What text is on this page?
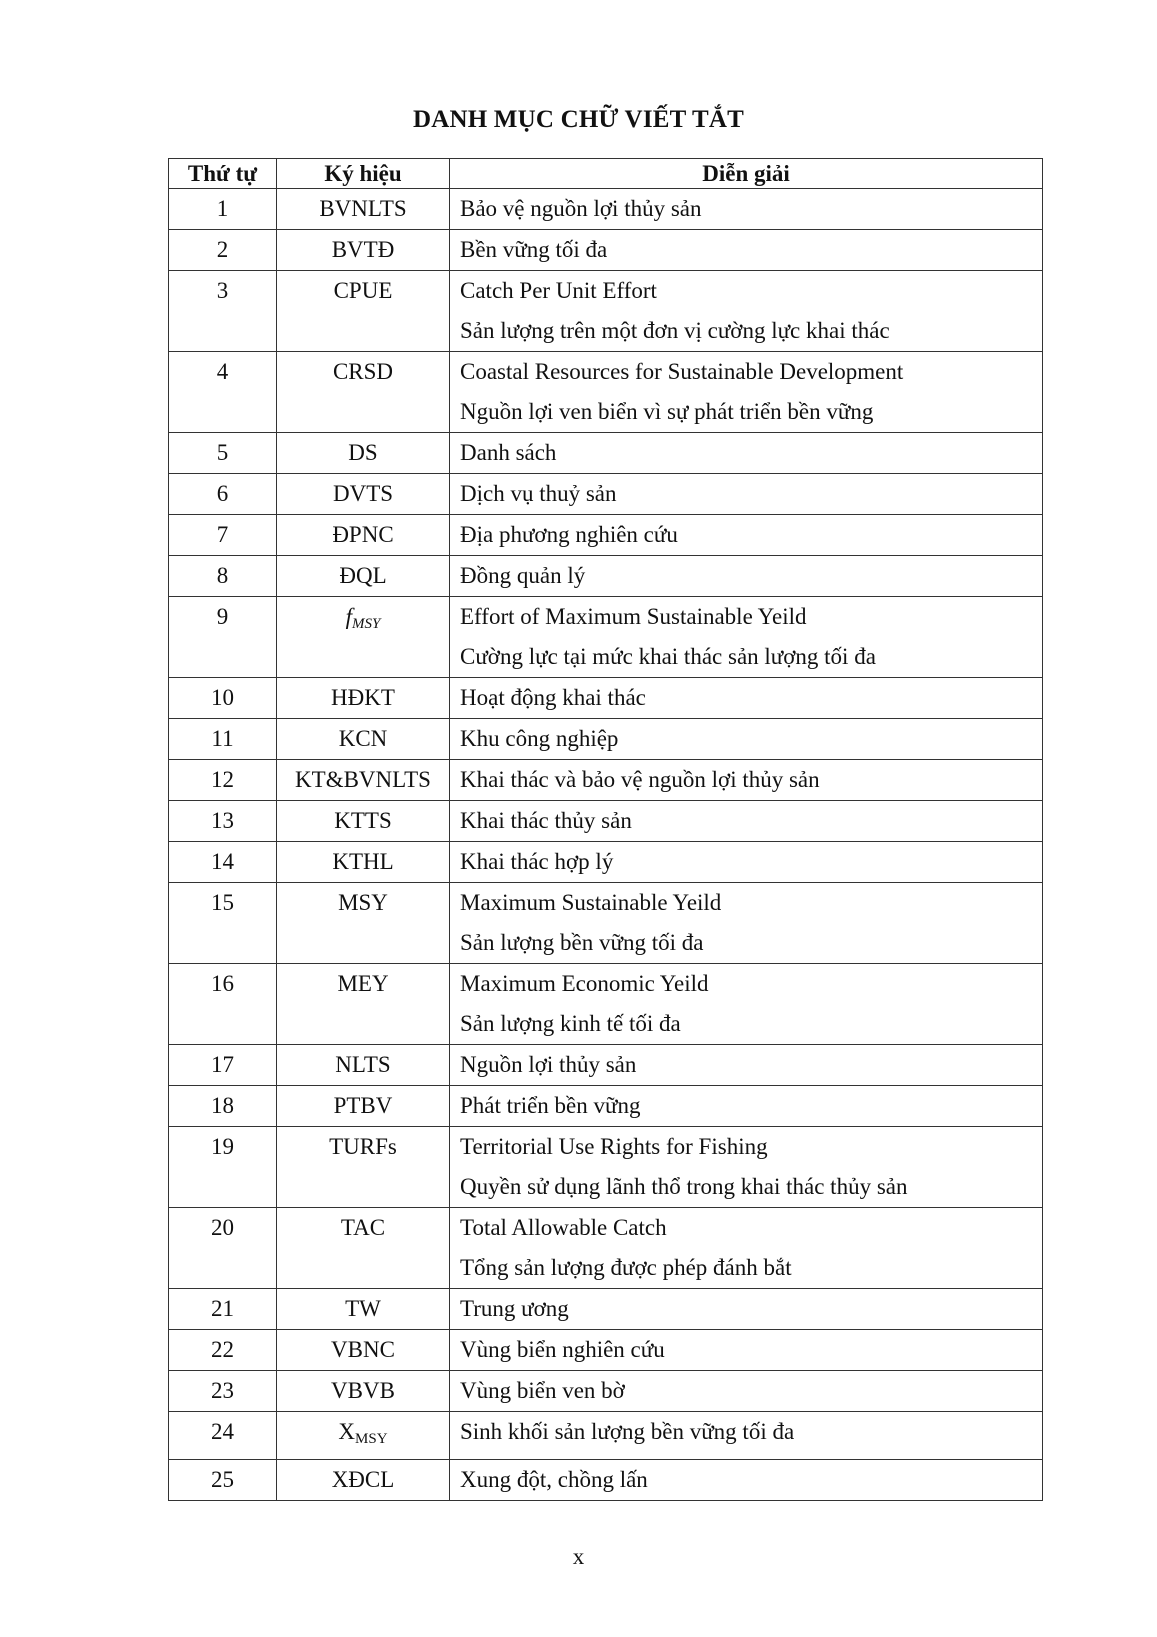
DANH MỤC CHỮ VIẾT TẮT
Thứ tự	Ký hiệu	Diễn giải
1	BVNLTS	Bảo vệ nguồn lợi thủy sản

2	BVTĐ	Bền vững tối đa

3	CPUE	Catch Per Unit Effort
Sản lượng trên một đơn vị cường lực khai thác

4	CRSD	Coastal Resources for Sustainable Development
Nguồn lợi ven biển vì sự phát triển bền vững

5	DS	Danh sách

6	DVTS	Dịch vụ thuỷ sản

7	ĐPNC	Địa phương nghiên cứu

8	ĐQL	Đồng quản lý

9	$f_{MSY}$	Effort of Maximum Sustainable Yeild
Cường lực tại mức khai thác sản lượng tối đa

10	HĐKT	Hoạt động khai thác

11	KCN	Khu công nghiệp

12	KT&BVNLTS	Khai thác và bảo vệ nguồn lợi thủy sản

13	KTTS	Khai thác thủy sản

14	KTHL	Khai thác hợp lý

15	MSY	Maximum Sustainable Yeild
Sản lượng bền vững tối đa

16	MEY	Maximum Economic Yeild
Sản lượng kinh tế tối đa

17	NLTS	Nguồn lợi thủy sản

18	PTBV	Phát triển bền vững

19	TURFs	Territorial Use Rights for Fishing
Quyền sử dụng lãnh thổ trong khai thác thủy sản

20	TAC	Total Allowable Catch
Tổng sản lượng được phép đánh bắt

21	TW	Trung ương

22	VBNC	Vùng biển nghiên cứu

23	VBVB	Vùng biển ven bờ

24	$X_{MSY}$	Sinh khối sản lượng bền vững tối đa

25	XĐCL	Xung đột, chồng lấn
x
